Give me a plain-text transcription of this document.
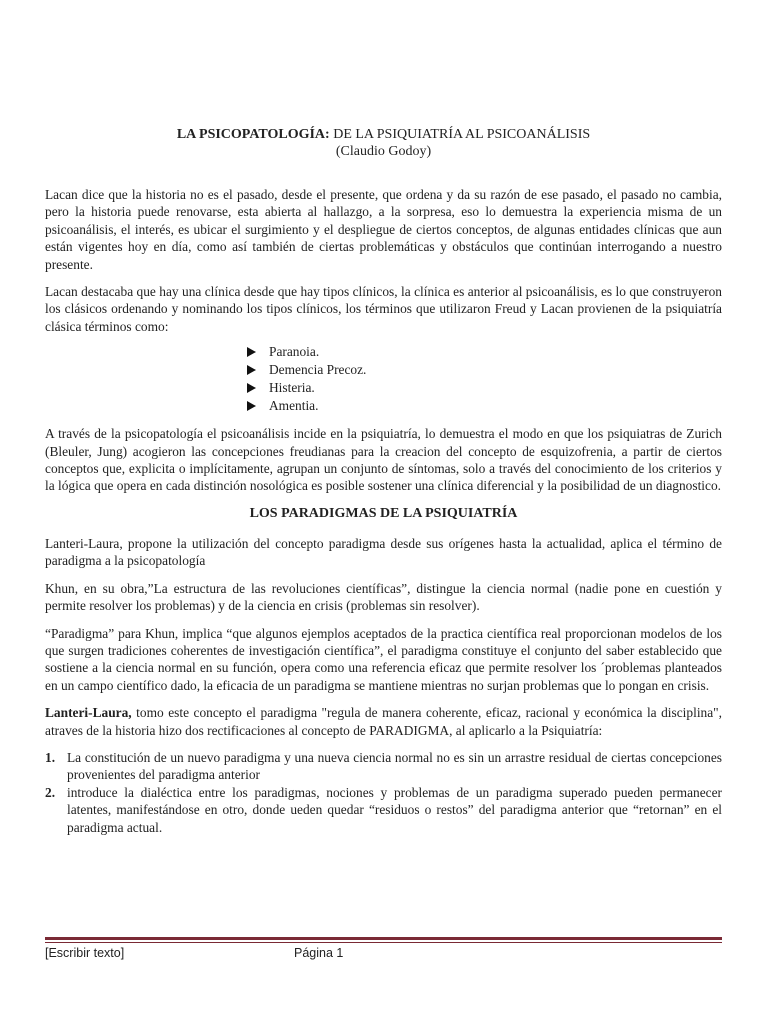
LA PSICOPATOLOGÍA: DE LA PSIQUIATRÍA AL PSICOANÁLISIS

(Claudio Godoy)

Lacan dice que la historia no es el pasado, desde el presente, que ordena y da su razón de ese pasado, el pasado no cambia, pero la historia puede renovarse, esta abierta al hallazgo, a la sorpresa, eso lo demuestra la experiencia misma de un psicoanálisis, el interés, es ubicar el surgimiento y el despliegue de ciertos conceptos, de algunas entidades clínicas que aun están vigentes hoy en día, como así también de ciertas problemáticas y obstáculos que continúan interrogando a nuestro presente.

Lacan destacaba que hay una clínica desde que hay tipos clínicos, la clínica es anterior al psicoanálisis, es lo que construyeron los clásicos ordenando y nominando los tipos clínicos, los términos que utilizaron Freud y Lacan provienen de la psiquiatría clásica términos como:

Paranoia.
Demencia Precoz.
Histeria.
Amentia.

A través de la psicopatología el psicoanálisis incide en la psiquiatría, lo demuestra el modo en que los psiquiatras de Zurich (Bleuler, Jung) acogieron las concepciones freudianas para la creacion del concepto de esquizofrenia, a partir de ciertos conceptos que, explicita o implícitamente, agrupan un conjunto de síntomas, solo a través del conocimiento de los criterios y la lógica que opera en cada distinción nosológica es posible sostener una clínica diferencial y la posibilidad de un diagnostico.

LOS PARADIGMAS DE LA PSIQUIATRÍA

Lanteri-Laura, propone la utilización del concepto paradigma desde sus orígenes hasta la actualidad, aplica el término de paradigma a la psicopatología

Khun, en su obra,”La estructura de las revoluciones científicas”, distingue la ciencia normal (nadie pone en cuestión y permite resolver los problemas) y de la ciencia en crisis (problemas sin resolver).

“Paradigma” para Khun, implica “que algunos ejemplos aceptados de la practica científica real proporcionan modelos de los que surgen tradiciones coherentes de investigación científica”, el paradigma constituye el conjunto del saber establecido que sostiene a la ciencia normal en su función, opera como una referencia eficaz que permite resolver los ´problemas planteados en un campo científico dado, la eficacia de un paradigma se mantiene mientras no surjan problemas que lo pongan en crisis.

Lanteri-Laura, tomo este concepto el paradigma "regula de manera coherente, eficaz, racional y económica la disciplina", atraves de la historia hizo dos rectificaciones al concepto de PARADIGMA, al aplicarlo a la Psiquiatría:

1. La constitución de un nuevo paradigma y una nueva ciencia normal no es sin un arrastre residual de ciertas concepciones provenientes del paradigma anterior
2. introduce la dialéctica entre los paradigmas, nociones y problemas de un paradigma superado pueden permanecer latentes, manifestándose en otro, donde ueden quedar “residuos o restos” del paradigma anterior que “retornan” en el paradigma actual.
[Escribir texto]	Página 1
